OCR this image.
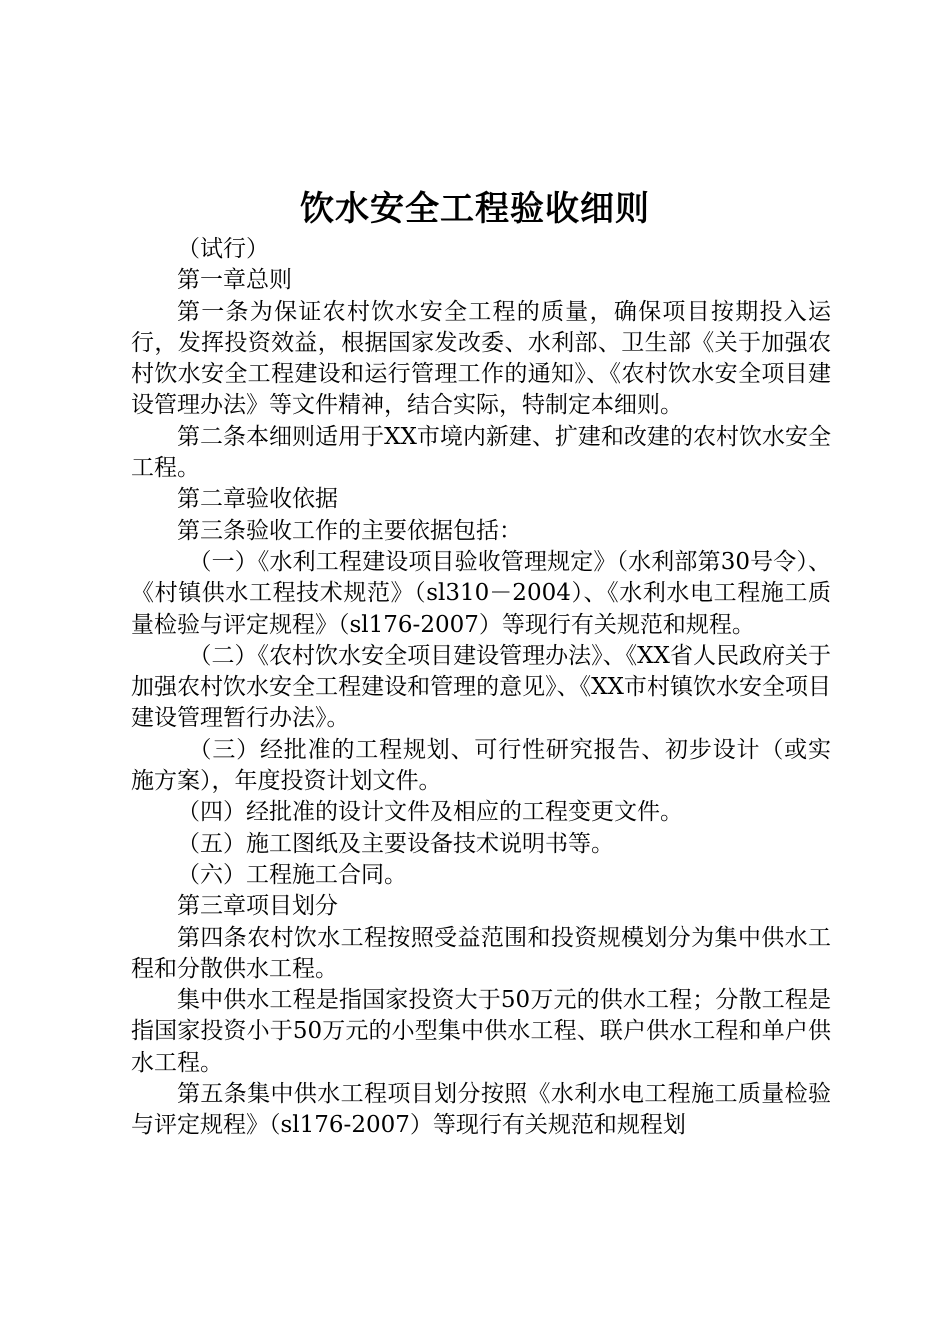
饮水安全工程验收细则

（试行）

第一章总则

第一条为保证农村饮水安全工程的质量，确保项目按期投入运行，发挥投资效益，根据国家发改委、水利部、卫生部《关于加强农村饮水安全工程建设和运行管理工作的通知》、《农村饮水安全项目建设管理办法》等文件精神，结合实际，特制定本细则。

第二条本细则适用于XX市境内新建、扩建和改建的农村饮水安全工程。

第二章验收依据

第三条验收工作的主要依据包括：

（一）《水利工程建设项目验收管理规定》（水利部第30号令）、《村镇供水工程技术规范》（sl310－2004）、《水利水电工程施工质量检验与评定规程》（sl176-2007）等现行有关规范和规程。

（二）《农村饮水安全项目建设管理办法》、《XX省人民政府关于加强农村饮水安全工程建设和管理的意见》、《XX市村镇饮水安全项目建设管理暂行办法》。

（三）经批准的工程规划、可行性研究报告、初步设计（或实施方案），年度投资计划文件。

（四）经批准的设计文件及相应的工程变更文件。

（五）施工图纸及主要设备技术说明书等。

（六）工程施工合同。

第三章项目划分

第四条农村饮水工程按照受益范围和投资规模划分为集中供水工程和分散供水工程。

集中供水工程是指国家投资大于50万元的供水工程；分散工程是指国家投资小于50万元的小型集中供水工程、联户供水工程和单户供水工程。

第五条集中供水工程项目划分按照《水利水电工程施工质量检验与评定规程》（sl176-2007）等现行有关规范和规程划
